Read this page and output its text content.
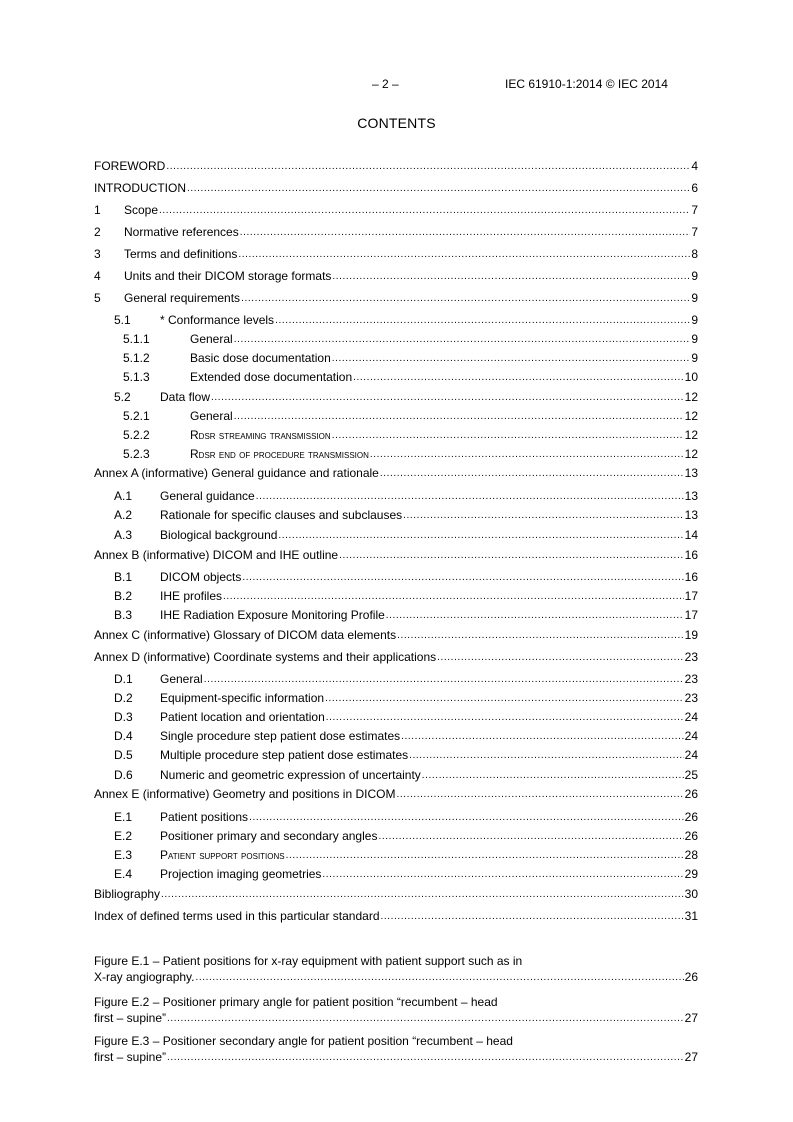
– 2 –	IEC 61910-1:2014 © IEC 2014
CONTENTS
FOREWORD .....	4
INTRODUCTION .....	6
1	Scope .....	7
2	Normative references .....	7
3	Terms and definitions .....	8
4	Units and their DICOM storage formats .....	9
5	General requirements .....	9
5.1	* Conformance levels .....	9
5.1.1	General .....	9
5.1.2	Basic dose documentation .....	9
5.1.3	Extended dose documentation .....	10
5.2	Data flow .....	12
5.2.1	General .....	12
5.2.2	Rdsr streaming transmission .....	12
5.2.3	Rdsr end of procedure transmission .....	12
Annex A (informative) General guidance and rationale .....	13
A.1	General guidance .....	13
A.2	Rationale for specific clauses and subclauses .....	13
A.3	Biological background .....	14
Annex B (informative) DICOM and IHE outline .....	16
B.1	DICOM objects .....	16
B.2	IHE profiles .....	17
B.3	IHE Radiation Exposure Monitoring Profile .....	17
Annex C (informative) Glossary of DICOM data elements .....	19
Annex D (informative) Coordinate systems and their applications .....	23
D.1	General .....	23
D.2	Equipment-specific information .....	23
D.3	Patient location and orientation .....	24
D.4	Single procedure step patient dose estimates .....	24
D.5	Multiple procedure step patient dose estimates .....	24
D.6	Numeric and geometric expression of uncertainty .....	25
Annex E (informative) Geometry and positions in DICOM .....	26
E.1	Patient positions .....	26
E.2	Positioner primary and secondary angles .....	26
E.3	Patient support positions .....	28
E.4	Projection imaging geometries .....	29
Bibliography .....	30
Index of defined terms used in this particular standard .....	31
Figure E.1 – Patient positions for x-ray equipment with patient support such as in
X-ray angiography. .....	26
Figure E.2 – Positioner primary angle for patient position “recumbent – head
first – supine” .....	27
Figure E.3 – Positioner secondary angle for patient position “recumbent – head
first – supine” .....	27
